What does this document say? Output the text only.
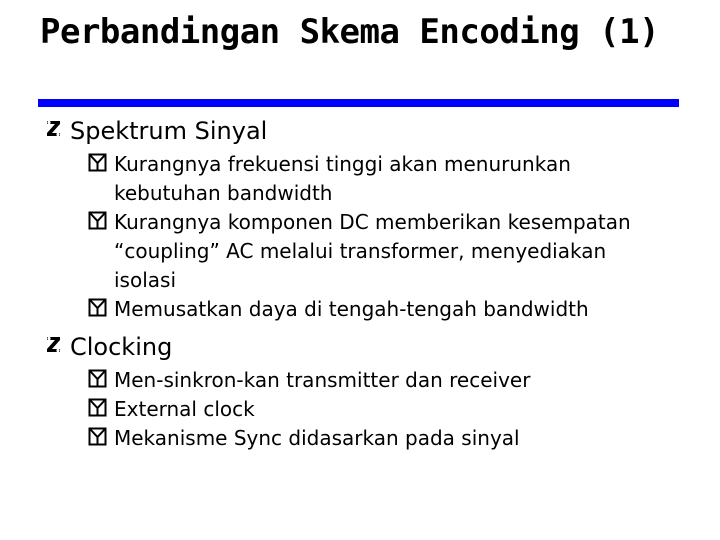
Perbandingan Skema Encoding (1)
Spektrum Sinyal
Kurangnya frekuensi tinggi akan menurunkan kebutuhan bandwidth
Kurangnya komponen DC memberikan kesempatan “coupling” AC melalui transformer, menyediakan isolasi
Memusatkan daya di tengah-tengah bandwidth
Clocking
Men-sinkron-kan transmitter dan receiver
External clock
Mekanisme Sync didasarkan pada sinyal
